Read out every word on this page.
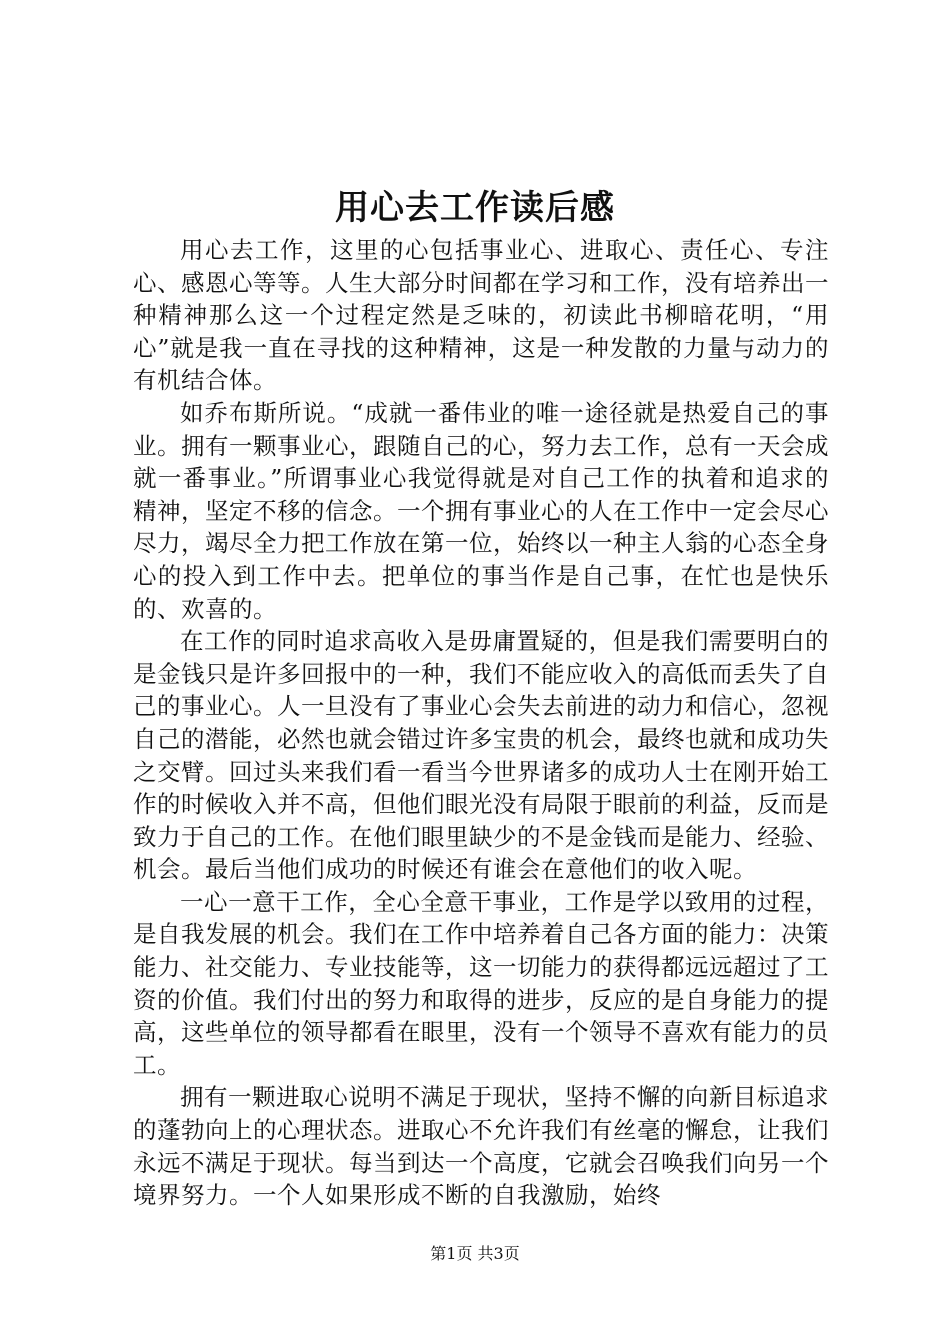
用心去工作读后感

用心去工作，这里的心包括事业心、进取心、责任心、专注心、感恩心等等。人生大部分时间都在学习和工作，没有培养出一种精神那么这一个过程定然是乏味的，初读此书柳暗花明，“用心”就是我一直在寻找的这种精神，这是一种发散的力量与动力的有机结合体。

如乔布斯所说。“成就一番伟业的唯一途径就是热爱自己的事业。拥有一颗事业心，跟随自己的心，努力去工作，总有一天会成就一番事业。”所谓事业心我觉得就是对自己工作的执着和追求的精神，坚定不移的信念。一个拥有事业心的人在工作中一定会尽心尽力，竭尽全力把工作放在第一位，始终以一种主人翁的心态全身心的投入到工作中去。把单位的事当作是自己事，在忙也是快乐的、欢喜的。

在工作的同时追求高收入是毋庸置疑的，但是我们需要明白的是金钱只是许多回报中的一种，我们不能应收入的高低而丢失了自己的事业心。人一旦没有了事业心会失去前进的动力和信心，忽视自己的潜能，必然也就会错过许多宝贵的机会，最终也就和成功失之交臂。回过头来我们看一看当今世界诸多的成功人士在刚开始工作的时候收入并不高，但他们眼光没有局限于眼前的利益，反而是致力于自己的工作。在他们眼里缺少的不是金钱而是能力、经验、机会。最后当他们成功的时候还有谁会在意他们的收入呢。

一心一意干工作，全心全意干事业，工作是学以致用的过程，是自我发展的机会。我们在工作中培养着自己各方面的能力：决策能力、社交能力、专业技能等，这一切能力的获得都远远超过了工资的价值。我们付出的努力和取得的进步，反应的是自身能力的提高，这些单位的领导都看在眼里，没有一个领导不喜欢有能力的员工。

拥有一颗进取心说明不满足于现状，坚持不懈的向新目标追求的蓬勃向上的心理状态。进取心不允许我们有丝毫的懈怠，让我们永远不满足于现状。每当到达一个高度，它就会召唤我们向另一个境界努力。一个人如果形成不断的自我激励，始终

第1页 共3页
